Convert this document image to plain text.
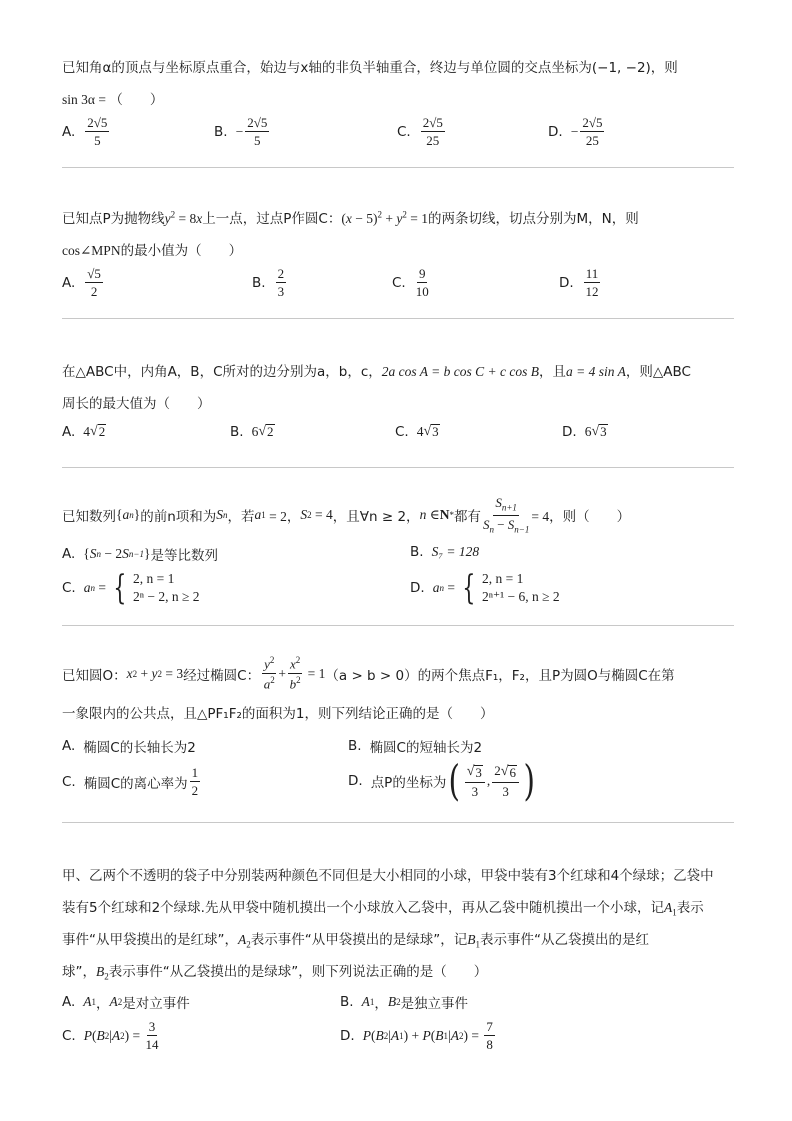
已知角α的顶点与坐标原点重合，始边与x轴的非负半轴重合，终边与单位圆的交点坐标为(−1, −2)，则
sin 3α = （　　）
A. $\frac{2√5}{5}$	B. − $\frac{2√5}{5}$	C. $\frac{2√5}{25}$	D. − $\frac{2√5}{25}$
已知点P为抛物线$y^2 = 8x$上一点，过点P作圆C：$(x - 5)^2 + y^2 = 1$的两条切线，切点分别为M，N，则
cos∠MPN的最小值为（　　）
A. $\frac{√5}{2}$	B. $\frac{2}{3}$	C. $\frac{9}{10}$	D. $\frac{11}{12}$
在△ABC中，内角A，B，C所对的边分别为a，b，c，2a cos A = b cos C + c cos B，且a = 4 sin A，则△ABC
周长的最大值为（　　）
A. 4 √ 2	B. 6 √ 2	C. 4 √ 3	D. 6 √ 3
已知数列 { a n } 的前n项和为 S n ，若 a 1 = 2， S 2 = 4 ，且∀n ≥ 2， n ∈ N * 都有 $\frac{S_{n+1}}{S_n - S_{n-1}} = 4$，则（　　）
A. { S n − 2 S n−1 } 是等比数列	B. S₇ = 128
C. a n = { 2, n = 1
2ⁿ − 2, n ≥ 2
D. a n = { 2, n = 1
2ⁿ⁺¹ − 6, n ≥ 2
已知圆O： x 2 + y 2 = 3 经过椭圆C： $\frac{y^2}{a^2} + \frac{x^2}{b^2} = 1$ （a > b > 0）的两个焦点F₁，F₂，且P为圆O与椭圆C在第
一象限内的公共点，且△PF₁F₂的面积为1，则下列结论正确的是（　　）
A. 椭圆C的长轴长为2	B. 椭圆C的短轴长为2
C. 椭圆C的离心率为 $\frac{1}{2}$	D. 点P的坐标为 ( $\frac{√ 3}{3}$ , $\frac{2 √ 6}{3}$ )
甲、乙两个不透明的袋子中分别装两种颜色不同但是大小相同的小球，甲袋中装有3个红球和4个绿球；乙袋中
装有5个红球和2个绿球.先从甲袋中随机摸出一个小球放入乙袋中，再从乙袋中随机摸出一个小球，记$A_1$表示
事件“从甲袋摸出的是红球”，$A_2$表示事件“从甲袋摸出的是绿球”，记$B_1$表示事件“从乙袋摸出的是红
球”，$B_2$表示事件“从乙袋摸出的是绿球”，则下列说法正确的是（　　）
A. A 1 ， A 2 是对立事件	B. A 1 ， B 2 是独立事件
C. P ( B 2 | A 2 ) = $\frac{3}{14}$	D. P ( B 2 | A 1 ) + P ( B 1 | A 2 ) = $\frac{7}{8}$
